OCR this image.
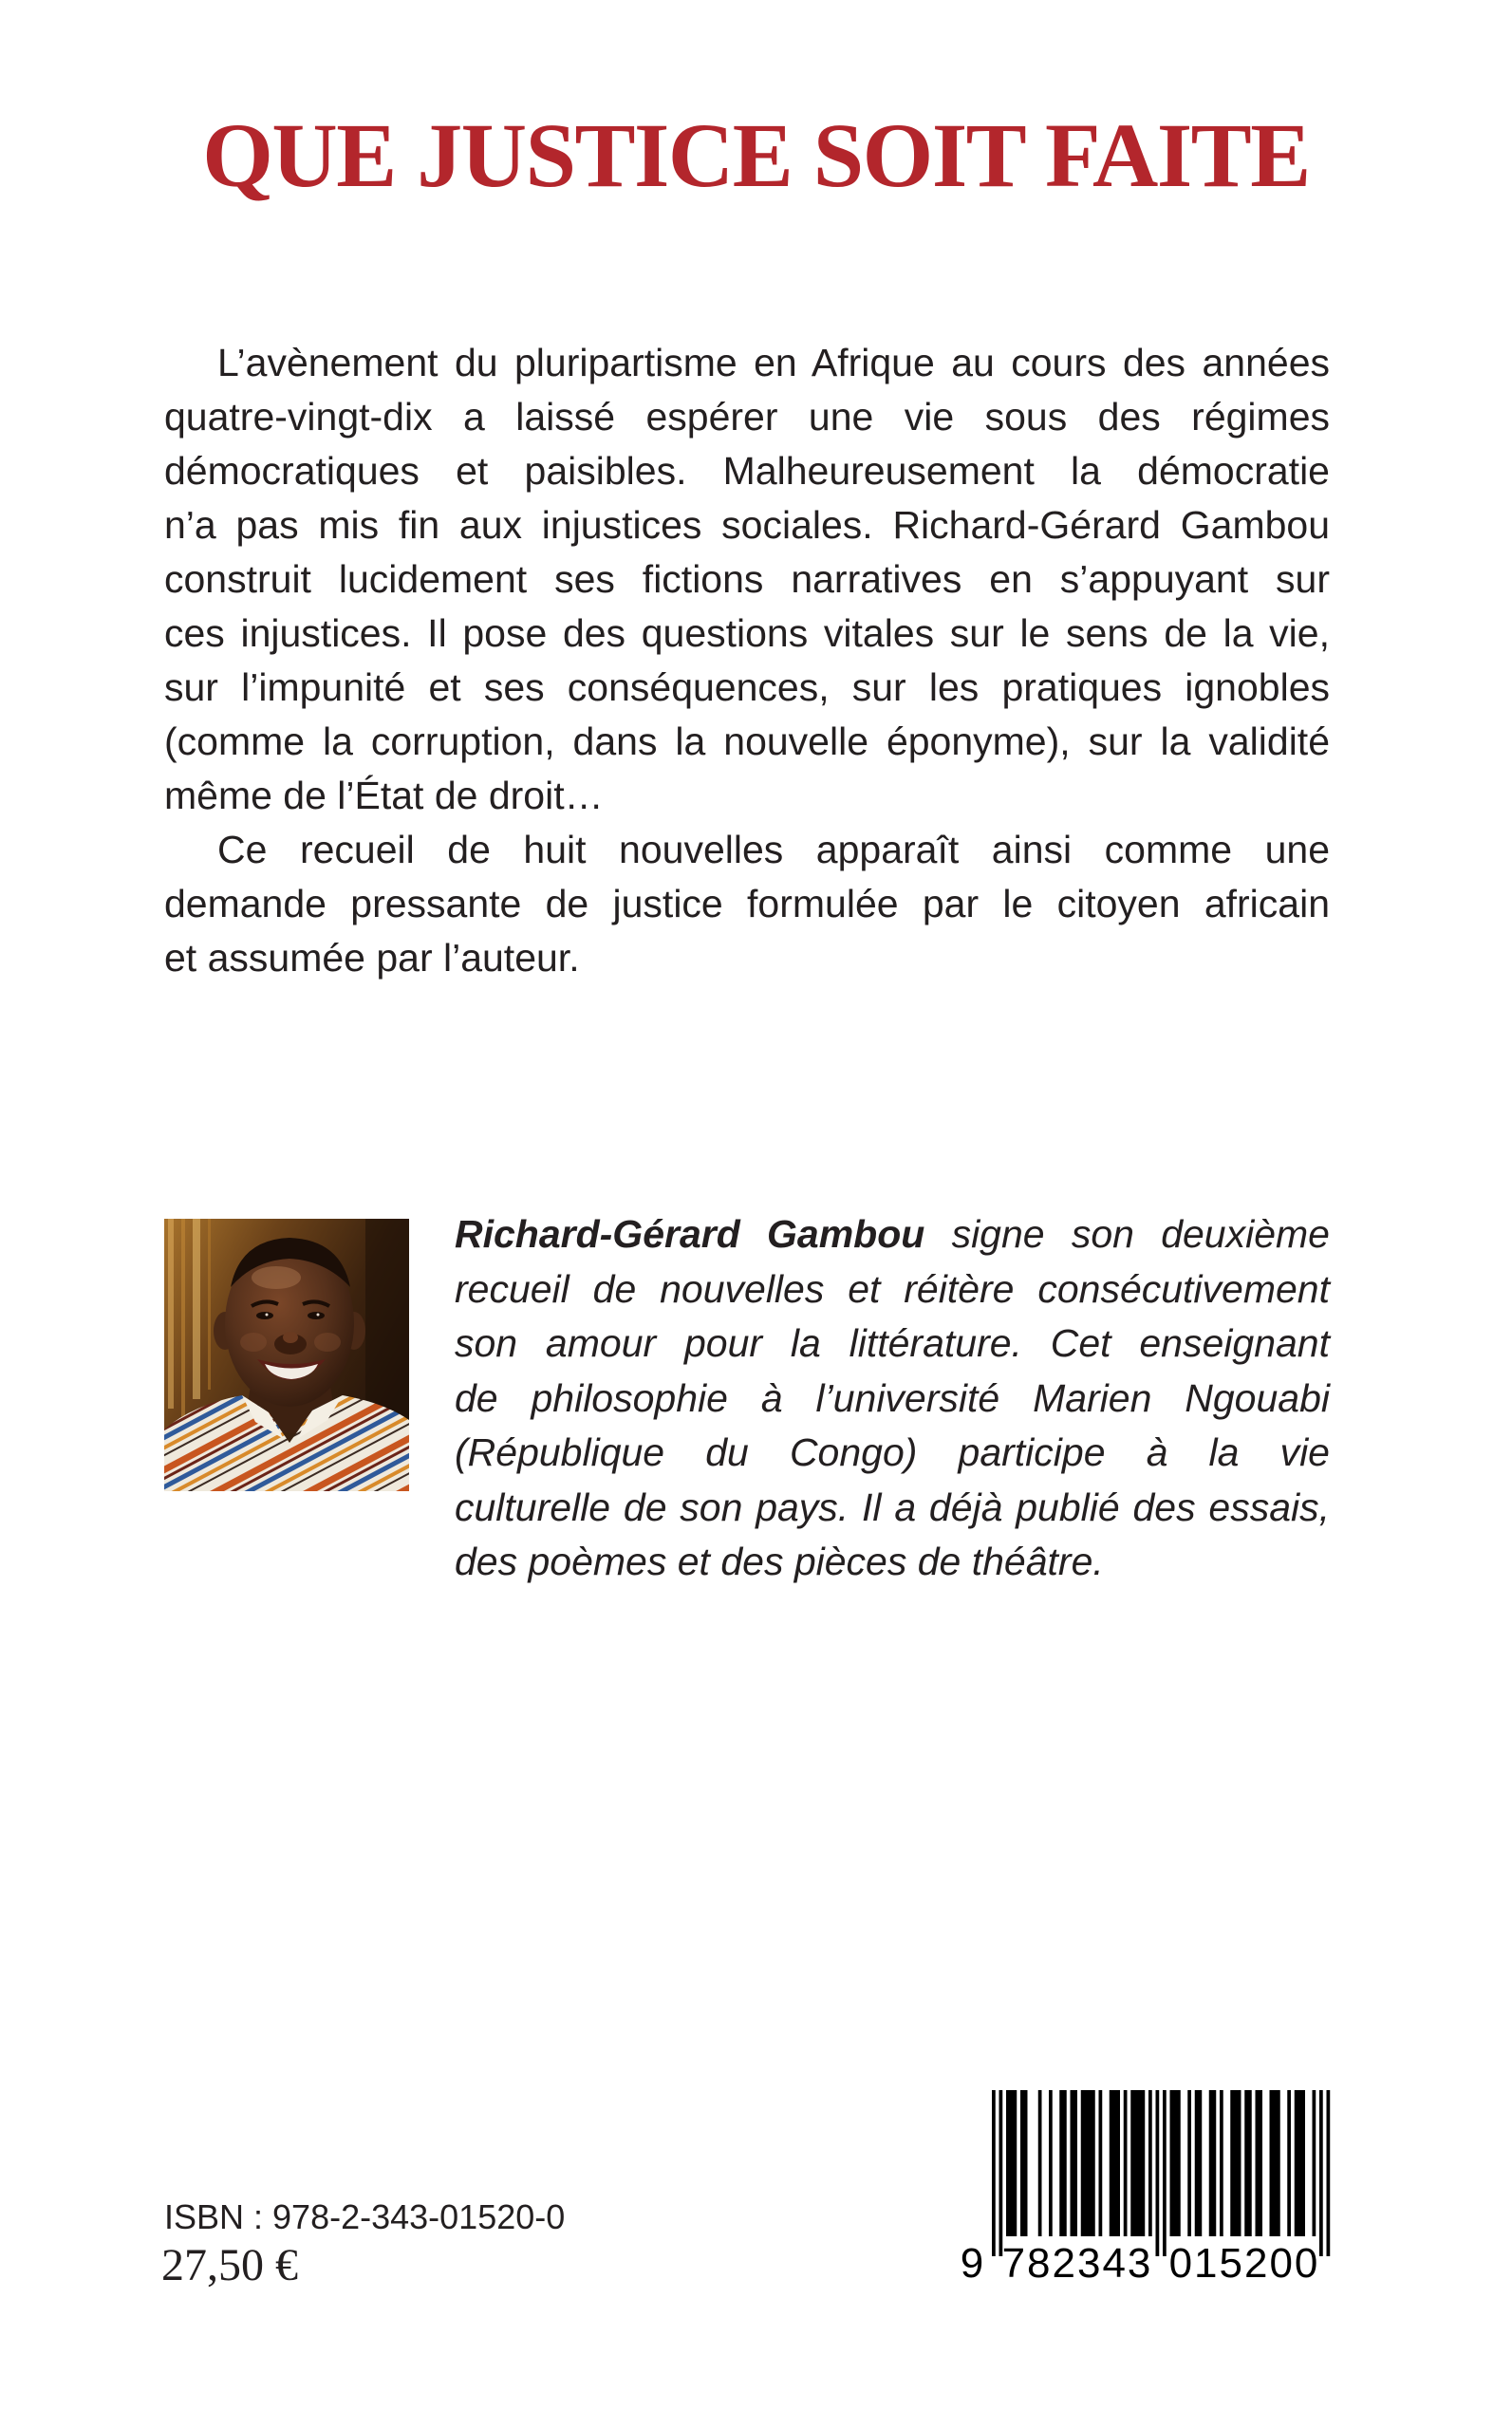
QUE JUSTICE SOIT FAITE
L’avènement du pluripartisme en Afrique au cours des années
quatre-vingt-dix a laissé espérer une vie sous des régimes
démocratiques et paisibles. Malheureusement la démocratie
n’a pas mis fin aux injustices sociales. Richard-Gérard Gambou
construit lucidement ses fictions narratives en s’appuyant sur
ces injustices. Il pose des questions vitales sur le sens de la vie,
sur l’impunité et ses conséquences, sur les pratiques ignobles
(comme la corruption, dans la nouvelle éponyme), sur la validité
même de l’État de droit…
Ce recueil de huit nouvelles apparaît ainsi comme une
demande pressante de justice formulée par le citoyen africain
et assumée par l’auteur.
Richard-Gérard Gambou signe son deuxième
recueil de nouvelles et réitère consécutivement
son amour pour la littérature. Cet enseignant
de philosophie à l’université Marien Ngouabi
(République du Congo) participe à la vie
culturelle de son pays. Il a déjà publié des essais,
des poèmes et des pièces de théâtre.
ISBN : 978-2-343-01520-0
27,50 €	9 782343 015200
